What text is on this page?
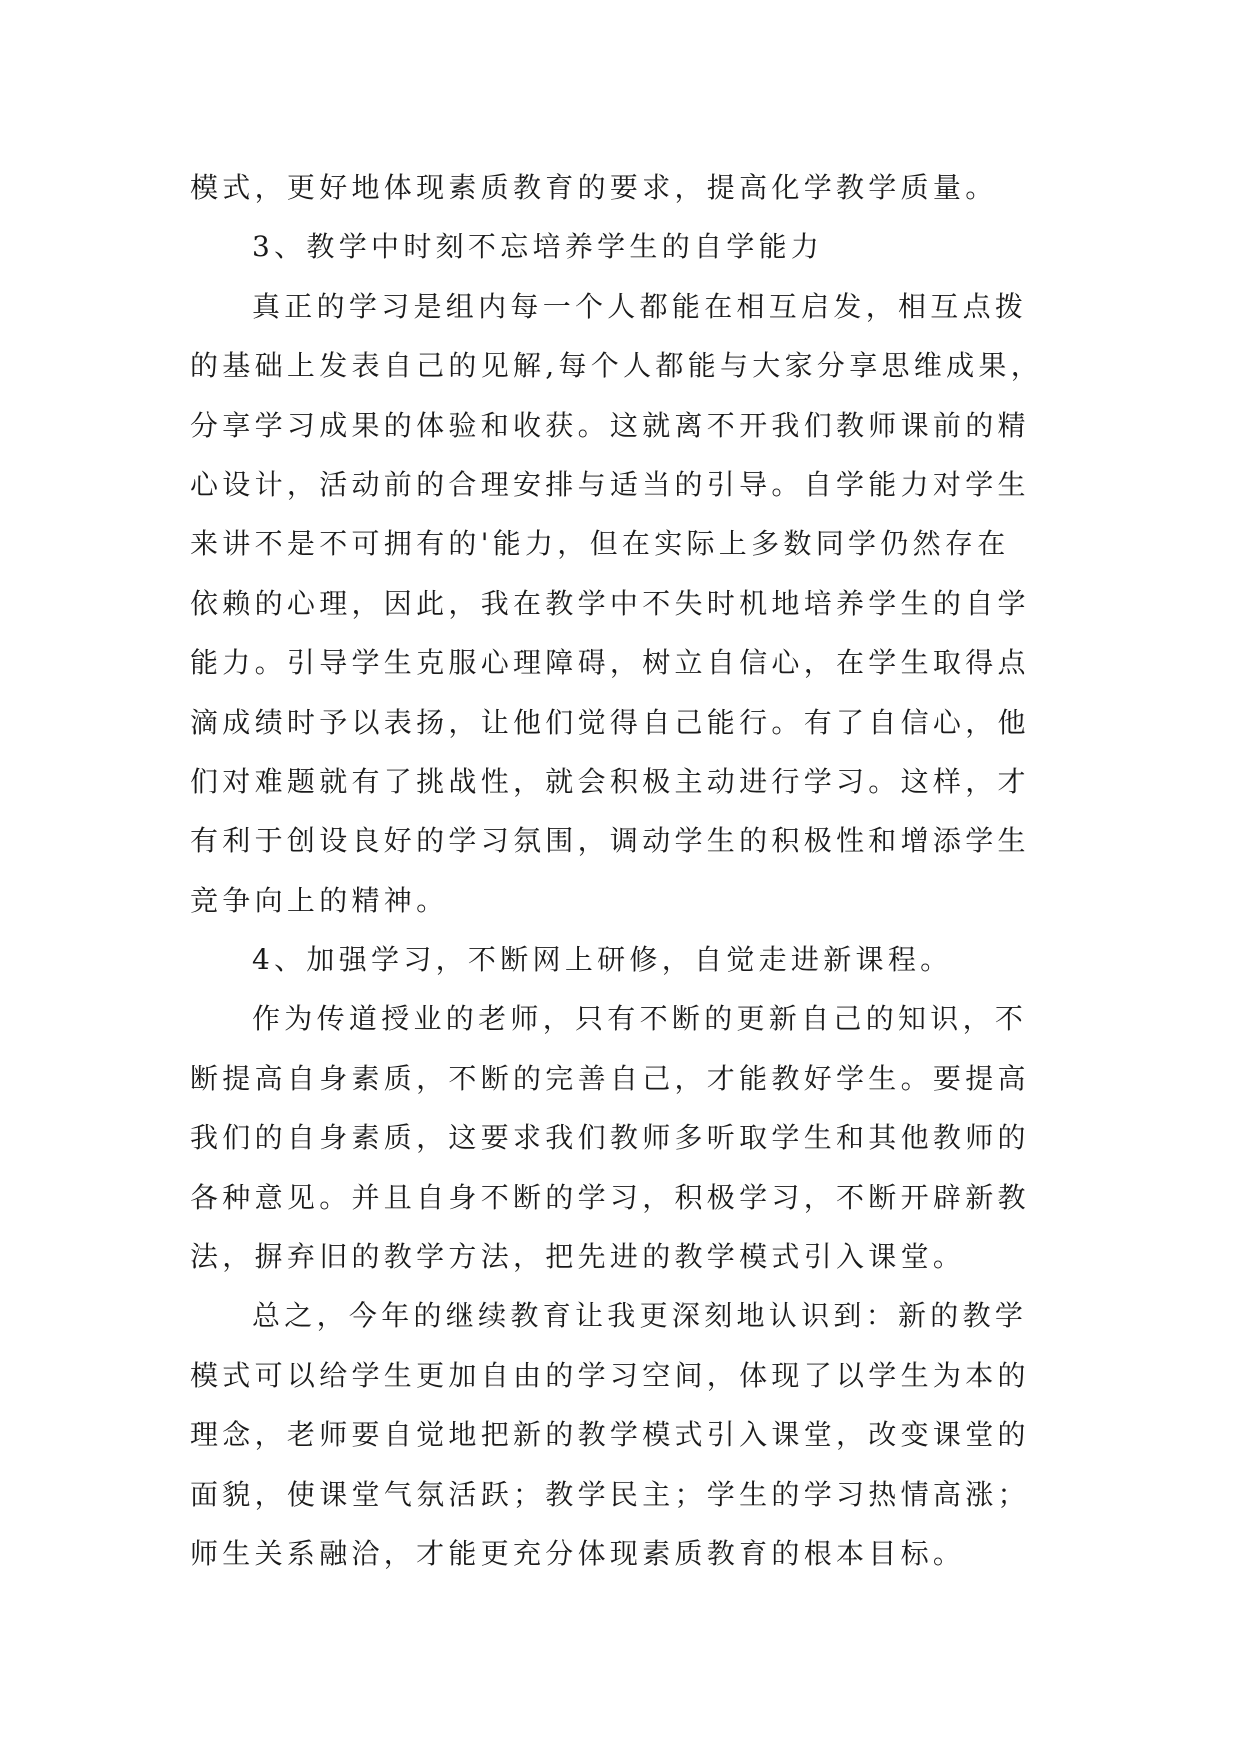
模式，更好地体现素质教育的要求，提高化学教学质量。
3、教学中时刻不忘培养学生的自学能力
真正的学习是组内每一个人都能在相互启发，相互点拨
的基础上发表自己的见解,每个人都能与大家分享思维成果，
分享学习成果的体验和收获。这就离不开我们教师课前的精
心设计，活动前的合理安排与适当的引导。自学能力对学生
来讲不是不可拥有的'能力，但在实际上多数同学仍然存在
依赖的心理，因此，我在教学中不失时机地培养学生的自学
能力。引导学生克服心理障碍，树立自信心，在学生取得点
滴成绩时予以表扬，让他们觉得自己能行。有了自信心，他
们对难题就有了挑战性，就会积极主动进行学习。这样，才
有利于创设良好的学习氛围，调动学生的积极性和增添学生
竞争向上的精神。
4、加强学习，不断网上研修，自觉走进新课程。
作为传道授业的老师，只有不断的更新自己的知识，不
断提高自身素质，不断的完善自己，才能教好学生。要提高
我们的自身素质，这要求我们教师多听取学生和其他教师的
各种意见。并且自身不断的学习，积极学习，不断开辟新教
法，摒弃旧的教学方法，把先进的教学模式引入课堂。
总之，今年的继续教育让我更深刻地认识到：新的教学
模式可以给学生更加自由的学习空间，体现了以学生为本的
理念，老师要自觉地把新的教学模式引入课堂，改变课堂的
面貌，使课堂气氛活跃；教学民主；学生的学习热情高涨；
师生关系融洽，才能更充分体现素质教育的根本目标。
